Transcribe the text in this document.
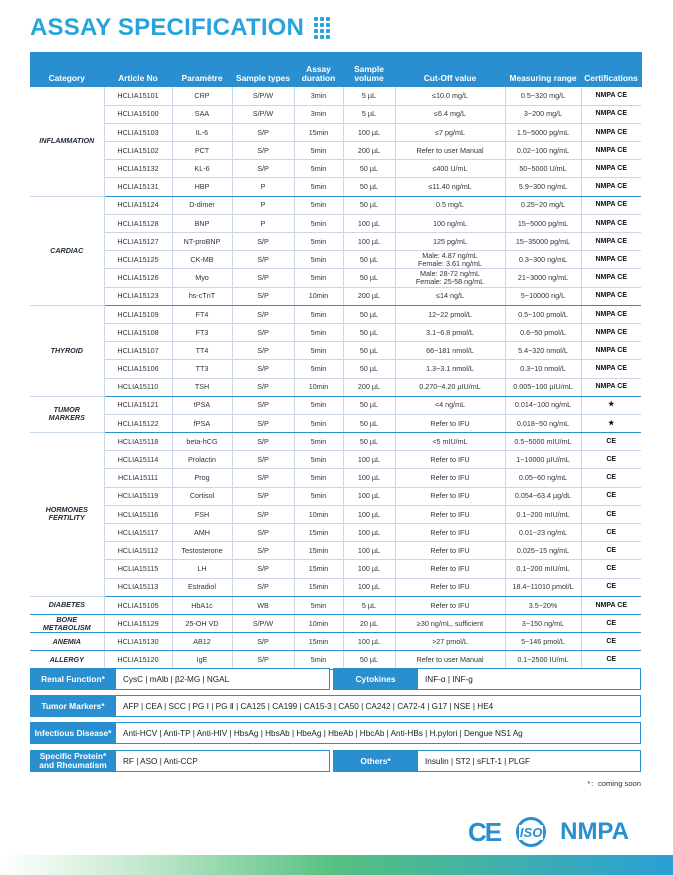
ASSAY SPECIFICATION
Category	Article No	Paramètre	Sample types	Assay duration	Sample volume	Cut-Off value	Measuring range	Certifications
INFLAMMATION	HCLIA15101	CRP	S/P/W	3min	5 µL	≤10.0 mg/L	0.5~320 mg/L	NMPA CE
	HCLIA15100	SAA	S/P/W	3min	5 µL	≤6.4 mg/L	3~200 mg/L	NMPA CE
	HCLIA15103	IL-6	S/P	15min	100 µL	≤7 pg/mL	1.5~5000 pg/mL	NMPA CE
	HCLIA15102	PCT	S/P	5min	200 µL	Refer to user Manual	0.02~100 ng/mL	NMPA CE
	HCLIA15132	KL-6	S/P	5min	50 µL	≤400 U/mL	50~5000 U/mL	NMPA CE
	HCLIA15131	HBP	P	5min	50 µL	≤11.40 ng/mL	5.9~300 ng/mL	NMPA CE
CARDIAC	HCLIA15124	D-dimer	P	5min	50 µL	0.5 mg/L	0.25~20 mg/L	NMPA CE
	HCLIA15128	BNP	P	5min	100 µL	100 ng/mL	15~5000 pg/mL	NMPA CE
	HCLIA15127	NT-proBNP	S/P	5min	100 µL	125 pg/mL	15~35000 pg/mL	NMPA CE
	HCLIA15125	CK-MB	S/P	5min	50 µL	Male: 4.87 ng/mL
Female: 3.61 ng/mL	0.3~300 ng/mL	NMPA CE
	HCLIA15126	Myo	S/P	5min	50 µL	Male: 28-72 ng/mL
Female: 25-58 ng/mL	21~3000 ng/mL	NMPA CE
	HCLIA15123	hs-cTnT	S/P	10min	200 µL	≤14 ng/L	5~10000 ng/L	NMPA CE
THYROID	HCLIA15109	FT4	S/P	5min	50 µL	12~22 pmol/L	0.5~100 pmol/L	NMPA CE
	HCLIA15108	FT3	S/P	5min	50 µL	3.1~6.8 pmol/L	0.6~50 pmol/L	NMPA CE
	HCLIA15107	TT4	S/P	5min	50 µL	66~181 nmol/L	5.4~320 nmol/L	NMPA CE
	HCLIA15106	TT3	S/P	5min	50 µL	1.3~3.1 nmol/L	0.3~10 nmol/L	NMPA CE
	HCLIA15110	TSH	S/P	10min	200 µL	0.270~4.20 µIU/mL	0.005~100 µIU/mL	NMPA CE
TUMOR
MARKERS	HCLIA15121	tPSA	S/P	5min	50 µL	<4 ng/mL	0.014~100 ng/mL	★
	HCLIA15122	fPSA	S/P	5min	50 µL	Refer to IFU	0.018~50 ng/mL	★
HORMONES
FERTILITY	HCLIA15118	beta-hCG	S/P	5min	50 µL	<5 mIU/mL	0.5~5000 mIU/mL	CE
	HCLIA15114	Prolactin	S/P	5min	100 µL	Refer to IFU	1~10000 µIU/mL	CE
	HCLIA15111	Prog	S/P	5min	100 µL	Refer to IFU	0.05~60 ng/mL	CE
	HCLIA15119	Cortisol	S/P	5min	100 µL	Refer to IFU	0.054~63.4 µg/dL	CE
	HCLIA15116	FSH	S/P	10min	100 µL	Refer to IFU	0.1~200 mIU/mL	CE
	HCLIA15117	AMH	S/P	15min	100 µL	Refer to IFU	0.01~23 ng/mL	CE
	HCLIA15112	Testosterone	S/P	15min	100 µL	Refer to IFU	0.025~15 ng/mL	CE
	HCLIA15115	LH	S/P	15min	100 µL	Refer to IFU	0.1~200 mIU/mL	CE
	HCLIA15113	Estradiol	S/P	15min	100 µL	Refer to IFU	18.4~11010 pmol/L	CE
DIABETES	HCLIA15105	HbA1c	WB	5min	5 µL	Refer to IFU	3.5~20%	NMPA CE
BONE
METABOLISM	HCLIA15129	25-OH VD	S/P/W	10min	20 µL	≥30 ng/mL, sufficient	3~150 ng/mL	CE
ANEMIA	HCLIA15130	AB12	S/P	15min	100 µL	>27 pmol/L	5~146 pmol/L	CE
ALLERGY	HCLIA15120	IgE	S/P	5min	50 µL	Refer to user Manual	0.1~2500 IU/mL	CE
Renal Function*	CysC | mAlb | β2-MG | NGAL	Cytokines	INF-α | INF-g
Tumor Markers*	AFP | CEA | SCC | PG Ⅰ | PG Ⅱ | CA125 | CA199 | CA15-3 | CA50 | CA242 | CA72-4 | G17 | NSE | HE4
Infectious Disease*	Anti-HCV | Anti-TP | Anti-HIV | HbsAg | HbsAb | HbeAg | HbeAb | HbcAb | Anti-HBs | H.pylori | Dengue NS1 Ag
Specific Protein*
and Rheumatism	RF | ASO | Anti-CCP	Others*	Insulin | ST2 | sFLT-1 | PLGF
*：coming soon
CE ISO NMPA
